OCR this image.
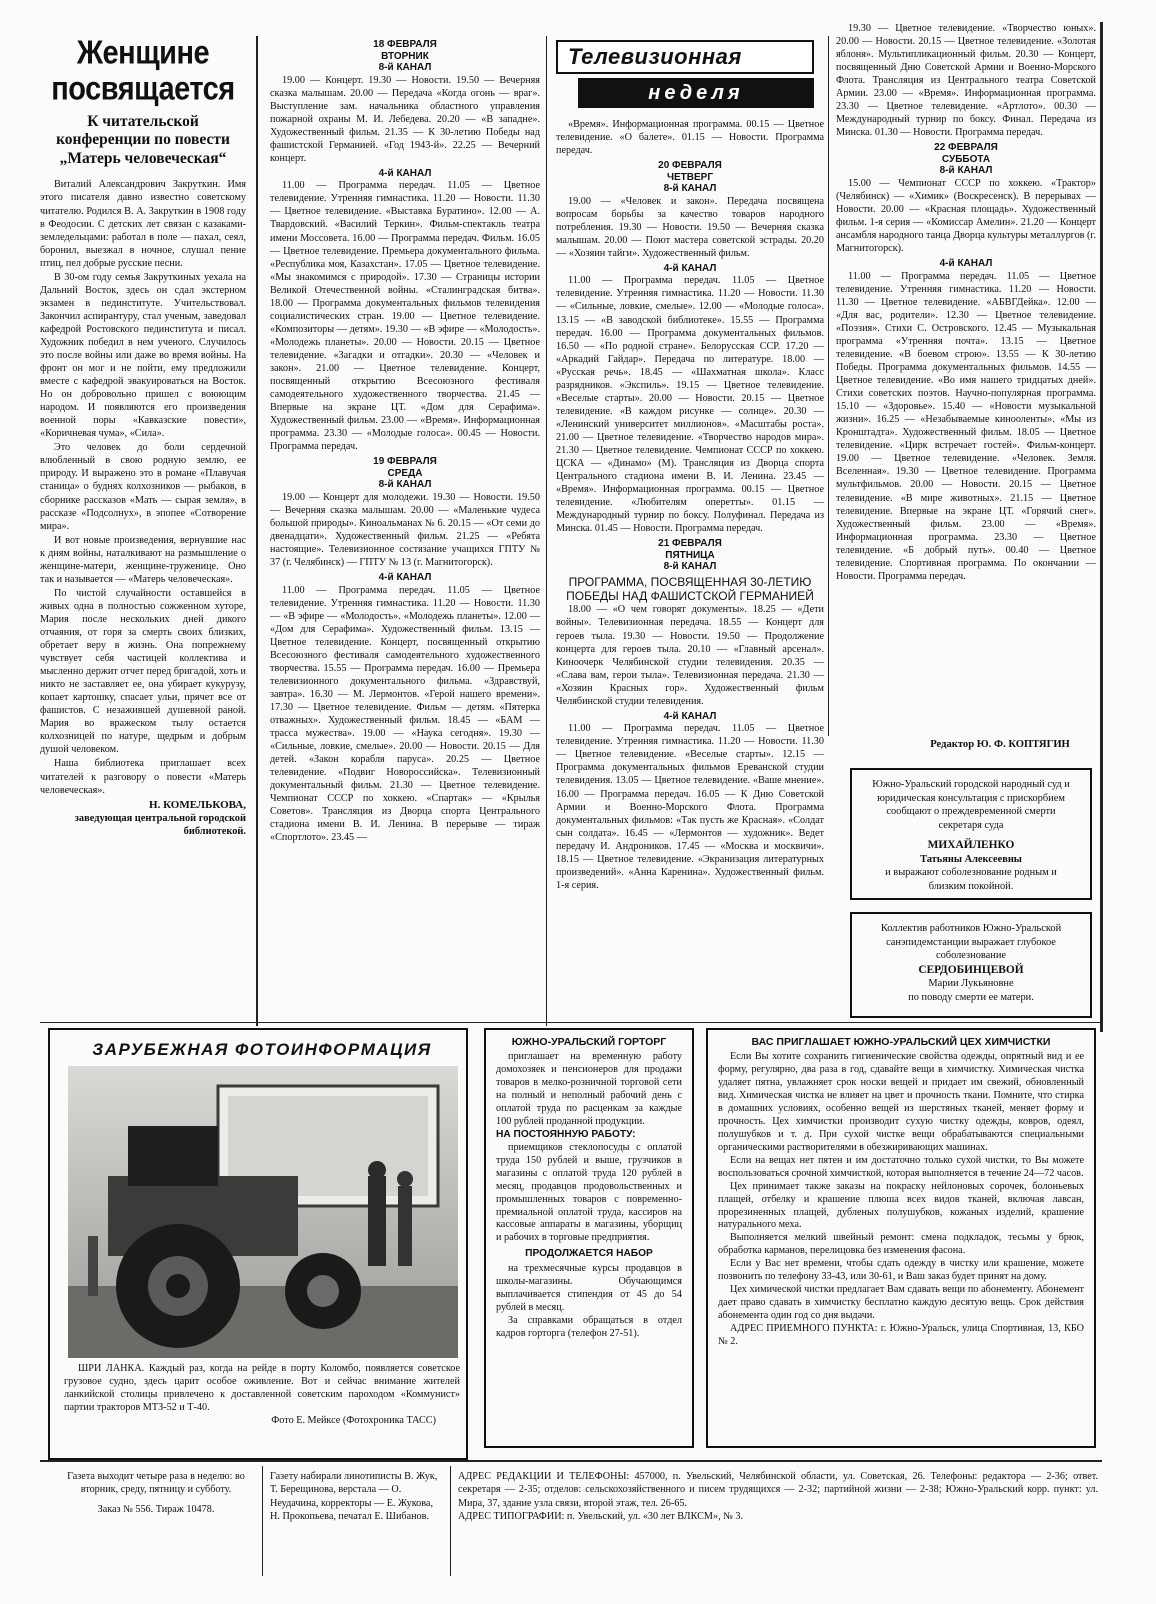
Женщине посвящается
К читательской конференции по повести „Матерь человеческая“

Виталий Александрович Закруткин. Имя этого писателя давно известно советскому читателю. Родился В. А. Закруткин в 1908 году в Феодосии. С детских лет связан с казаками-земледельцами: работал в поле — пахал, сеял, боронил, выезжал в ночное, слушал пение птиц, пел добрые русские песни.

В 30-ом году семья Закруткиных уехала на Дальний Восток, здесь он сдал экстерном экзамен в пединституте. Учительствовал. Закончил аспирантуру, стал ученым, заведовал кафедрой Ростовского пединститута и писал. Художник победил в нем ученого. Случилось это после войны или даже во время войны. На фронт он мог и не пойти, ему предложили вместе с кафедрой эвакуироваться на Восток. Но он добровольно пришел с воюющим народом. И появляются его произведения военной поры «Кавказские повести», «Коричневая чума», «Сила».

Это человек до боли сердечной влюбленный в свою родную землю, ее природу. И выражено это в романе «Плавучая станица» о буднях колхозников — рыбаков, в сборнике рассказов «Мать — сырая земля», в рассказе «Подсолнух», в эпопее «Сотворение мира».

И вот новые произведения, вернувшие нас к дням войны, наталкивают на размышление о женщине-матери, женщине-труженице. Оно так и называется — «Матерь человеческая».

По чистой случайности оставшейся в живых одна в полностью сожженном хуторе, Мария после нескольких дней дикого отчаяния, от горя за смерть своих близких, обретает веру в жизнь. Она попрежнему чувствует себя частицей коллектива и мысленно держит отчет перед бригадой, хоть и никто не заставляет ее, она убирает кукурузу, копает картошку, спасает ульи, прячет все от фашистов. С незажившей душевной раной. Мария во вражеском тылу остается колхозницей по натуре, щедрым и добрым душой человеком.

Наша библиотека приглашает всех читателей к разговору о повести «Матерь человеческая».

Н. КОМЕЛЬКОВА,
заведующая центральной городской библиотекой.
18 ФЕВРАЛЯ
ВТОРНИК
8-й КАНАЛ
19.00 — Концерт. 19.30 — Новости. 19.50 — Вечерняя сказка малышам. 20.00 — Передача «Когда огонь — враг». Выступление зам. начальника областного управления пожарной охраны М. И. Лебедева. 20.20 — «В западне». Художественный фильм. 21.35 — К 30-летию Победы над фашистской Германией. «Год 1943-й». 22.25 — Вечерний концерт.
4-й КАНАЛ
11.00 — Программа передач. 11.05 — Цветное телевидение. Утренняя гимнастика. 11.20 — Новости. 11.30 — Цветное телевидение. «Выставка Буратино». 12.00 — А. Твардовский. «Василий Теркин». Фильм-спектакль театра имени Моссовета. 16.00 — Программа передач. Фильм. 16.05 — Цветное телевидение. Премьера документального фильма. «Республика моя, Казахстан». 17.05 — Цветное телевидение. «Мы знакомимся с природой». 17.30 — Страницы истории Великой Отечественной войны. «Сталинградская битва». 18.00 — Программа документальных фильмов телевидения социалистических стран. 19.00 — Цветное телевидение. «Композиторы — детям». 19.30 — «В эфире — «Молодость». «Молодежь планеты». 20.00 — Новости. 20.15 — Цветное телевидение. «Загадки и отгадки». 20.30 — «Человек и закон». 21.00 — Цветное телевидение. Концерт, посвященный открытию Всесоюзного фестиваля самодеятельного художественного творчества. 21.45 — Впервые на экране ЦТ. «Дом для Серафима». Художественный фильм. 23.00 — «Время». Информационная программа. 23.30 — «Молодые голоса». 00.45 — Новости. Программа передач.
19 ФЕВРАЛЯ
СРЕДА
8-й КАНАЛ
19.00 — Концерт для молодежи. 19.30 — Новости. 19.50 — Вечерняя сказка малышам. 20.00 — «Маленькие чудеса большой природы». Киноальманах № 6. 20.15 — «От семи до двенадцати». Художественный фильм. 21.25 — «Ребята настоящие». Телевизионное состязание учащихся ГПТУ № 37 (г. Челябинск) — ГПТУ № 13 (г. Магнитогорск).
4-й КАНАЛ
11.00 — Программа передач. 11.05 — Цветное телевидение. Утренняя гимнастика. 11.20 — Новости. 11.30 — «В эфире — «Молодость». «Молодежь планеты». 12.00 — «Дом для Серафима». Художественный фильм. 13.15 — Цветное телевидение. Концерт, посвященный открытию Всесоюзного фестиваля самодеятельного художественного творчества. 15.55 — Программа передач. 16.00 — Премьера телевизионного документального фильма. «Здравствуй, завтра». 16.30 — М. Лермонтов. «Герой нашего времени». 17.30 — Цветное телевидение. Фильм — детям. «Пятерка отважных». Художественный фильм. 18.45 — «БАМ — трасса мужества». 19.00 — «Наука сегодня». 19.30 — «Сильные, ловкие, смелые». 20.00 — Новости. 20.15 — Для детей. «Закон корабля паруса». 20.25 — Цветное телевидение. «Подвиг Новороссийска». Телевизионный документальный фильм. 21.30 — Цветное телевидение. Чемпионат СССР по хоккею. «Спартак» — «Крылья Советов». Трансляция из Дворца спорта Центрального стадиона имени В. И. Ленина. В перерыве — тираж «Спортлото». 23.45 —
Телевизионная
неделя
«Время». Информационная программа. 00.15 — Цветное телевидение. «О балете». 01.15 — Новости. Программа передач.
20 ФЕВРАЛЯ
ЧЕТВЕРГ
8-й КАНАЛ
19.00 — «Человек и закон». Передача посвящена вопросам борьбы за качество товаров народного потребления. 19.30 — Новости. 19.50 — Вечерняя сказка малышам. 20.00 — Поют мастера советской эстрады. 20.20 — «Хозяин тайги». Художественный фильм.
4-й КАНАЛ
11.00 — Программа передач. 11.05 — Цветное телевидение. Утренняя гимнастика. 11.20 — Новости. 11.30 — «Сильные, ловкие, смелые». 12.00 — «Молодые голоса». 13.15 — «В заводской библиотеке». 15.55 — Программа передач. 16.00 — Программа документальных фильмов. 16.50 — «По родной стране». Белорусская ССР. 17.20 — «Аркадий Гайдар». Передача по литературе. 18.00 — «Русская речь». 18.45 — «Шахматная школа». Класс разрядников. «Экспиль». 19.15 — Цветное телевидение. «Веселые старты». 20.00 — Новости. 20.15 — Цветное телевидение. «В каждом рисунке — солнце». 20.30 — «Ленинский университет миллионов». «Масштабы роста». 21.00 — Цветное телевидение. «Творчество народов мира». 21.30 — Цветное телевидение. Чемпионат СССР по хоккею. ЦСКА — «Динамо» (М). Трансляция из Дворца спорта Центрального стадиона имени В. И. Ленина. 23.45 — «Время». Информационная программа. 00.15 — Цветное телевидение. «Любителям оперетты». 01.15 — Международный турнир по боксу. Полуфинал. Передача из Минска. 01.45 — Новости. Программа передач.
21 ФЕВРАЛЯ
ПЯТНИЦА
8-й КАНАЛ
ПРОГРАММА, ПОСВЯЩЕННАЯ 30-ЛЕТИЮ ПОБЕДЫ НАД ФАШИСТСКОЙ ГЕРМАНИЕЙ
18.00 — «О чем говорят документы». 18.25 — «Дети войны». Телевизионная передача. 18.55 — Концерт для героев тыла. 19.30 — Новости. 19.50 — Продолжение концерта для героев тыла. 20.10 — «Главный арсенал». Киноочерк Челябинской студии телевидения. 20.35 — «Слава вам, герои тыла». Телевизионная передача. 21.30 — «Хозяин Красных гор». Художественный фильм Челябинской студии телевидения.
4-й КАНАЛ
11.00 — Программа передач. 11.05 — Цветное телевидение. Утренняя гимнастика. 11.20 — Новости. 11.30 — Цветное телевидение. «Веселые старты». 12.15 — Программа документальных фильмов Ереванской студии телевидения. 13.05 — Цветное телевидение. «Ваше мнение». 16.00 — Программа передач. 16.05 — К Дню Советской Армии и Военно-Морского Флота. Программа документальных фильмов: «Так пусть же Красная». «Солдат сын солдата». 16.45 — «Лермонтов — художник». Ведет передачу И. Андроников. 17.45 — «Москва и москвичи». 18.15 — Цветное телевидение. «Экранизация литературных произведений». «Анна Каренина». Художественный фильм. 1-я серия.
19.30 — Цветное телевидение. «Творчество юных». 20.00 — Новости. 20.15 — Цветное телевидение. «Золотая яблоня». Мультипликационный фильм. 20.30 — Концерт, посвященный Дню Советской Армии и Военно-Морского Флота. Трансляция из Центрального театра Советской Армии. 23.00 — «Время». Информационная программа. 23.30 — Цветное телевидение. «Артлото». 00.30 — Международный турнир по боксу. Финал. Передача из Минска. 01.30 — Новости. Программа передач.
22 ФЕВРАЛЯ
СУББОТА
8-й КАНАЛ
15.00 — Чемпионат СССР по хоккею. «Трактор» (Челябинск) — «Химик» (Воскресенск). В перерывах — Новости. 20.00 — «Красная площадь». Художественный фильм. 1-я серия — «Комиссар Амелин». 21.20 — Концерт ансамбля народного танца Дворца культуры металлургов (г. Магнитогорск).
4-й КАНАЛ
11.00 — Программа передач. 11.05 — Цветное телевидение. Утренняя гимнастика. 11.20 — Новости. 11.30 — Цветное телевидение. «АБВГДейка». 12.00 — «Для вас, родители». 12.30 — Цветное телевидение. «Поэзия». Стихи С. Островского. 12.45 — Музыкальная программа «Утренняя почта». 13.15 — Цветное телевидение. «В боевом строю». 13.55 — К 30-летию Победы. Программа документальных фильмов. 14.55 — Цветное телевидение. «Во имя нашего тридцатых дней». Стихи советских поэтов. Научно-популярная программа. 15.10 — «Здоровье». 15.40 — «Новости музыкальной жизни». 16.25 — «Незабываемые кинооленты». «Мы из Кронштадта». Художественный фильм. 18.05 — Цветное телевидение. «Цирк встречает гостей». Фильм-концерт. 19.00 — Цветное телевидение. «Человек. Земля. Вселенная». 19.30 — Цветное телевидение. Программа мультфильмов. 20.00 — Новости. 20.15 — Цветное телевидение. «В мире животных». 21.15 — Цветное телевидение. Впервые на экране ЦТ. «Горячий снег». Художественный фильм. 23.00 — «Время». Информационная программа. 23.30 — Цветное телевидение. «Б добрый путь». 00.40 — Цветное телевидение. Спортивная программа. По окончании — Новости. Программа передач.
Редактор Ю. Ф. КОПТЯГИН
Южно-Уральский городской народный суд и юридическая консультация с прискорбием сообщают о преждевременной смерти секретаря суда
МИХАЙЛЕНКО
Татьяны Алексеевны
и выражают соболезнование родным и близким покойной.
Коллектив работников Южно-Уральской санэпидемстанции выражает глубокое соболезнование
СЕРДОБИНЦЕВОЙ
Марии Лукьяновне
по поводу смерти ее матери.
ЗАРУБЕЖНАЯ ФОТОИНФОРМАЦИЯ

ШРИ ЛАНКА. Каждый раз, когда на рейде в порту Коломбо, появляется советское грузовое судно, здесь царит особое оживление. Вот и сейчас внимание жителей ланкийской столицы привлечено к доставленной советским пароходом «Коммунист» партии тракторов МТЗ-52 и Т-40.

Фото Е. Мейксе (Фотохроника ТАСС)

ЮЖНО-УРАЛЬСКИЙ ГОРТОРГ

приглашает на временную работу домохозяек и пенсионеров для продажи товаров в мелко-розничной торговой сети на полный и неполный рабочий день с оплатой труда по расценкам за каждые 100 рублей проданной продукции.

НА ПОСТОЯННУЮ РАБОТУ:

приемщиков стеклопосуды с оплатой труда 150 рублей и выше, грузчиков в магазины с оплатой труда 120 рублей в месяц, продавцов продовольственных и промышленных товаров с повременно-премиальной оплатой труда, кассиров на кассовые аппараты в магазины, уборщиц и рабочих в торговые предприятия.

ПРОДОЛЖАЕТСЯ НАБОР

на трехмесячные курсы продавцов в школы-магазины. Обучающимся выплачивается стипендия от 45 до 54 рублей в месяц.

За справками обращаться в отдел кадров горторга (телефон 27-51).

ВАС ПРИГЛАШАЕТ ЮЖНО-УРАЛЬСКИЙ ЦЕХ ХИМЧИСТКИ

Если Вы хотите сохранить гигиенические свойства одежды, опрятный вид и ее форму, регулярно, два раза в год, сдавайте вещи в химчистку. Химическая чистка удаляет пятна, увлажняет срок носки вещей и придает им свежий, обновленный вид. Химическая чистка не влияет на цвет и прочность ткани. Помните, что стирка в домашних условиях, особенно вещей из шерстяных тканей, меняет форму и прочность. Цех химчистки производит сухую чистку одежды, ковров, одеял, полушубков и т. д. При сухой чистке вещи обрабатываются специальными органическими растворителями в обезжиривающих машинах.

Если на вещах нет пятен и им достаточно только сухой чистки, то Вы можете воспользоваться срочной химчисткой, которая выполняется в течение 24—72 часов.

Цех принимает также заказы на покраску нейлоновых сорочек, болоньевых плащей, отбелку и крашение плюша всех видов тканей, включая лавсан, прорезиненных плащей, дубленых полушубков, кожаных изделий, крашение натурального меха.

Выполняется мелкий швейный ремонт: смена подкладок, тесьмы у брюк, обработка карманов, перелицовка без изменения фасона.

Если у Вас нет времени, чтобы сдать одежду в чистку или крашение, можете позвонить по телефону 33-43, или 30-61, и Ваш заказ будет принят на дому.

Цех химической чистки предлагает Вам сдавать вещи по абонементу. Абонемент дает право сдавать в химчистку бесплатно каждую десятую вещь. Срок действия абонемента один год со дня выдачи.

АДРЕС ПРИЕМНОГО ПУНКТА: г. Южно-Уральск, улица Спортивная, 13, КБО № 2.

Газета выходит четыре раза в неделю: во вторник, среду, пятницу и субботу.
Заказ № 556. Тираж 10478.
Газету набирали линотиписты В. Жук, Т. Берещинова, верстала — О. Неудачина, корректоры — Е. Жукова, Н. Прокопьева, печатал Е. Шибанов.
АДРЕС РЕДАКЦИИ И ТЕЛЕФОНЫ: 457000, п. Увельский, Челябинской области, ул. Советская, 26. Телефоны: редактора — 2-36; ответ. секретаря — 2-35; отделов: сельскохозяйственного и писем трудящихся — 2-32; партийной жизни — 2-38; Южно-Уральский корр. пункт: ул. Мира, 37, здание узла связи, второй этаж, тел. 26-65.
АДРЕС ТИПОГРАФИИ: п. Увельский, ул. «30 лет ВЛКСМ», № 3.
